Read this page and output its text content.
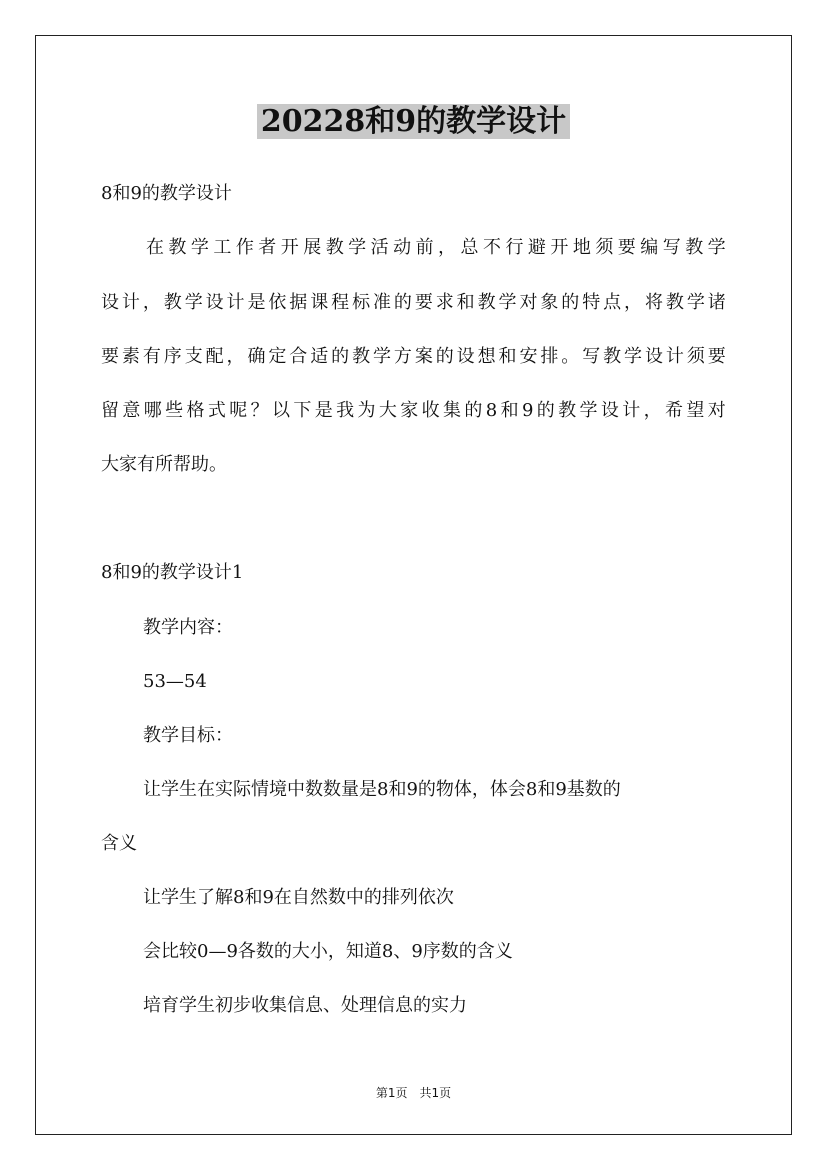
20228和9的教学设计

8和9的教学设计

在 教 学 工 作 者 开 展 教 学 活 动 前 ， 总 不 行 避 开 地 须 要 编 写 教 学

设 计 ， 教 学 设 计 是 依 据 课 程 标 准 的 要 求 和 教 学 对 象 的 特 点 ， 将 教 学 诸

要 素 有 序 支 配 ， 确 定 合 适 的 教 学 方 案 的 设 想 和 安 排 。 写 教 学 设 计 须 要

留 意 哪 些 格 式 呢 ？ 以 下 是 我 为 大 家 收 集 的 8 和 9 的 教 学 设 计 ， 希 望 对

大家有所帮助。

8和9的教学设计1

教学内容：

53—54

教学目标：

让学生在实际情境中数数量是8和9的物体，体会8和9基数的

含义

让学生了解8和9在自然数中的排列依次

会比较0—9各数的大小，知道8、9序数的含义

培育学生初步收集信息、处理信息的实力

第1页　共1页
